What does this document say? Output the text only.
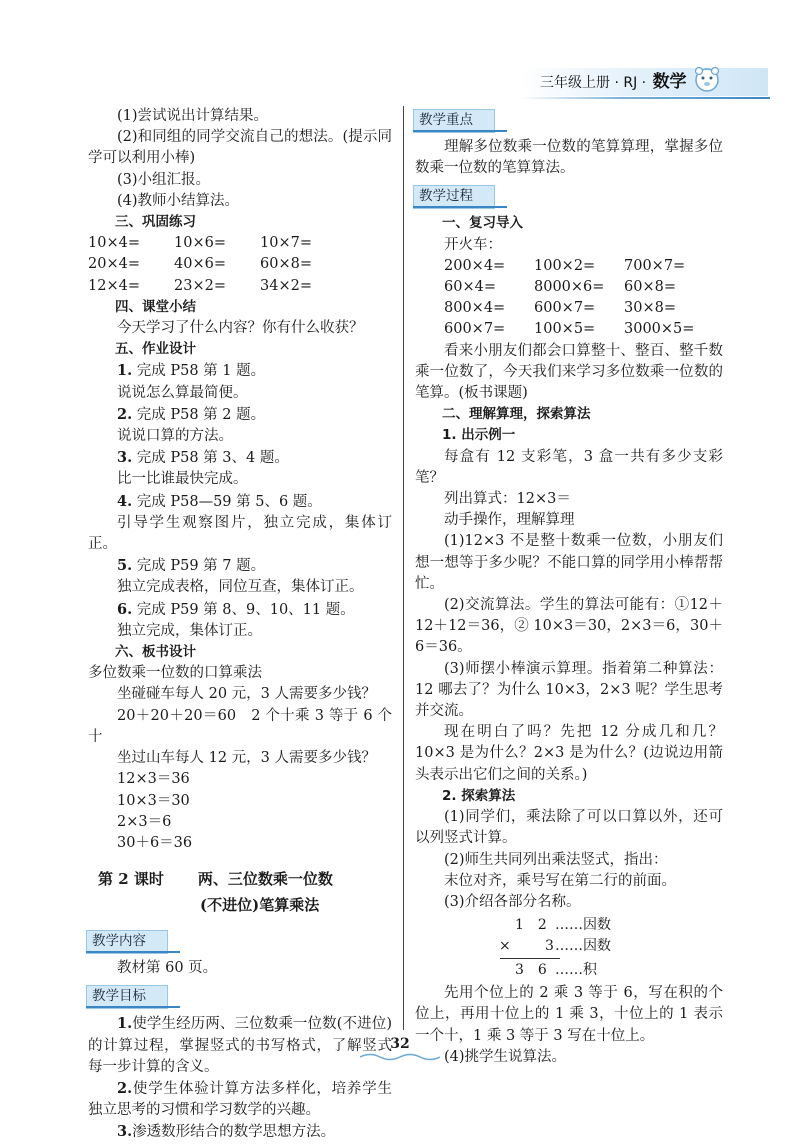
三年级上册 · RJ · 数学

(1)尝试说出计算结果。

(2)和同组的同学交流自己的想法。(提示同学可以利用小棒)

(3)小组汇报。

(4)教师小结算法。

三、巩固练习

10×4=	10×6=	10×7=
20×4=	40×6=	60×8=
12×4=	23×2=	34×2=

四、课堂小结

今天学习了什么内容？你有什么收获？

五、作业设计

1. 完成 P58 第 1 题。

说说怎么算最简便。

2. 完成 P58 第 2 题。

说说口算的方法。

3. 完成 P58 第 3、4 题。

比一比谁最快完成。

4. 完成 P58—59 第 5、6 题。

引导学生观察图片，独立完成，集体订正。

5. 完成 P59 第 7 题。

独立完成表格，同位互查，集体订正。

6. 完成 P59 第 8、9、10、11 题。

独立完成，集体订正。

六、板书设计

多位数乘一位数的口算乘法

坐碰碰车每人 20 元，3 人需要多少钱？

20＋20＋20＝60　2 个十乘 3 等于 6 个十

坐过山车每人 12 元，3 人需要多少钱？

12×3＝36

10×3＝30

2×3＝6

30＋6＝36

第 2 课时 两、三位数乘一位数
(不进位)笔算乘法
教学内容

教材第 60 页。

教学目标

1.使学生经历两、三位数乘一位数(不进位)的计算过程，掌握竖式的书写格式，了解竖式每一步计算的含义。

2.使学生体验计算方法多样化，培养学生独立思考的习惯和学习数学的兴趣。

3.渗透数形结合的数学思想方法。

教学重点

理解多位数乘一位数的笔算算理，掌握多位数乘一位数的笔算算法。

教学过程

一、复习导入

开火车：

200×4=	100×2=	700×7=
60×4=	8000×6=	60×8=
800×4=	600×7=	30×8=
600×7=	100×5=	3000×5=

看来小朋友们都会口算整十、整百、整千数乘一位数了，今天我们来学习多位数乘一位数的笔算。(板书课题)

二、理解算理，探索算法

1. 出示例一

每盒有 12 支彩笔，3 盒一共有多少支彩笔？

列出算式：12×3＝

动手操作，理解算理

(1)12×3 不是整十数乘一位数，小朋友们想一想等于多少呢？不能口算的同学用小棒帮帮忙。

(2)交流算法。学生的算法可能有：①12＋12＋12＝36，② 10×3＝30，2×3＝6，30＋6＝36。

(3)师摆小棒演示算理。指着第二种算法：12 哪去了？为什么 10×3，2×3 呢？学生思考并交流。

现在明白了吗？先把 12 分成几和几？10×3 是为什么？2×3 是为什么？(边说边用箭头表示出它们之间的关系。)

2. 探索算法

(1)同学们，乘法除了可以口算以外，还可以列竖式计算。

(2)师生共同列出乘法竖式，指出：

末位对齐，乘号写在第二行的前面。

(3)介绍各部分名称。

1　2 ……因数
× 3 ……因数
3　6 ……积

先用个位上的 2 乘 3 等于 6，写在积的个位上，再用十位上的 1 乘 3，十位上的 1 表示一个十，1 乘 3 等于 3 写在十位上。

(4)挑学生说算法。

32
